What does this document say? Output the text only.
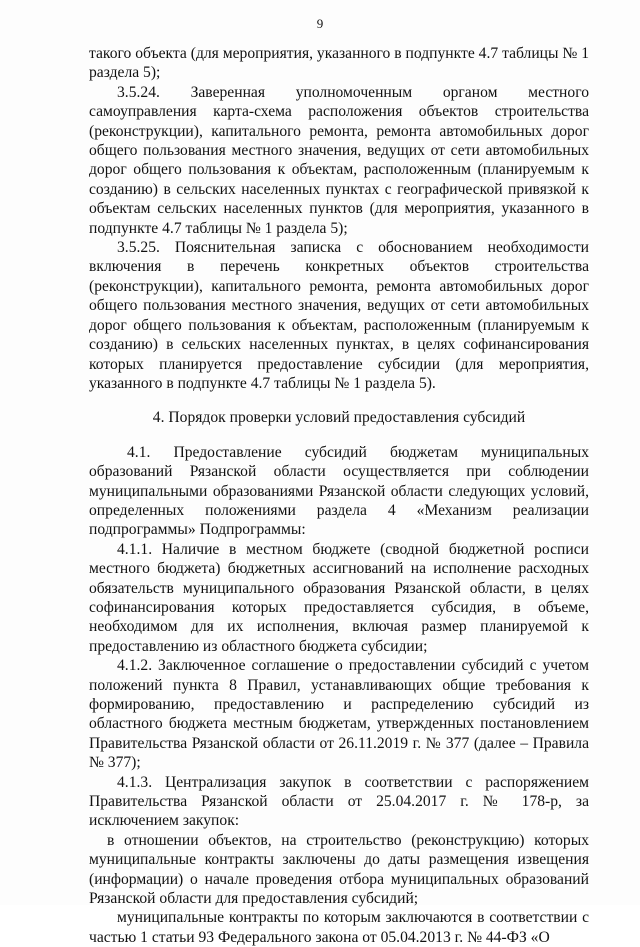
9

такого объекта (для мероприятия, указанного в подпункте 4.7 таблицы № 1 раздела 5);

3.5.24. Заверенная уполномоченным органом местного самоуправления карта-схема расположения объектов строительства (реконструкции), капитального ремонта, ремонта автомобильных дорог общего пользования местного значения, ведущих от сети автомобильных дорог общего пользования к объектам, расположенным (планируемым к созданию) в сельских населенных пунктах с географической привязкой к объектам сельских населенных пунктов (для мероприятия, указанного в подпункте 4.7 таблицы № 1 раздела 5);

3.5.25. Пояснительная записка с обоснованием необходимости включения в перечень конкретных объектов строительства (реконструкции), капитального ремонта, ремонта автомобильных дорог общего пользования местного значения, ведущих от сети автомобильных дорог общего пользования к объектам, расположенным (планируемым к созданию) в сельских населенных пунктах, в целях софинансирования которых планируется предоставление субсидии (для мероприятия, указанного в подпункте 4.7 таблицы № 1 раздела 5).

4. Порядок проверки условий предоставления субсидий

4.1. Предоставление субсидий бюджетам муниципальных образований Рязанской области осуществляется при соблюдении муниципальными образованиями Рязанской области следующих условий, определенных положениями раздела 4 «Механизм реализации подпрограммы» Подпрограммы:

4.1.1. Наличие в местном бюджете (сводной бюджетной росписи местного бюджета) бюджетных ассигнований на исполнение расходных обязательств муниципального образования Рязанской области, в целях софинансирования которых предоставляется субсидия, в объеме, необходимом для их исполнения, включая размер планируемой к предоставлению из областного бюджета субсидии;

4.1.2. Заключенное соглашение о предоставлении субсидий с учетом положений пункта 8 Правил, устанавливающих общие требования к формированию, предоставлению и распределению субсидий из областного бюджета местным бюджетам, утвержденных постановлением Правительства Рязанской области от 26.11.2019 г. № 377 (далее – Правила № 377);

4.1.3. Централизация закупок в соответствии с распоряжением Правительства Рязанской области от 25.04.2017 г. № 178-р, за исключением закупок:

в отношении объектов, на строительство (реконструкцию) которых муниципальные контракты заключены до даты размещения извещения (информации) о начале проведения отбора муниципальных образований Рязанской области для предоставления субсидий;

муниципальные контракты по которым заключаются в соответствии с частью 1 статьи 93 Федерального закона от 05.04.2013 г. № 44-ФЗ «О
